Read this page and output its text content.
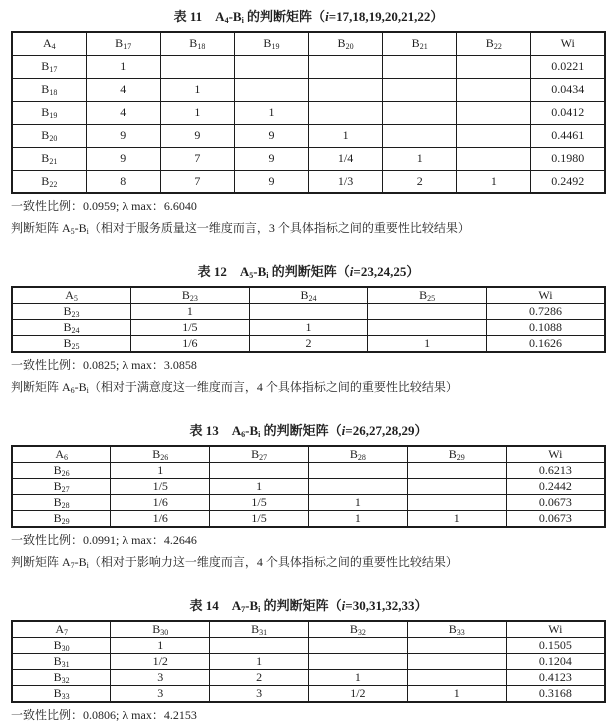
表 11 $A_4-B_i$ 的判断矩阵（i=17,18,19,20,21,22）
$A_4$	$B_{17}$	$B_{18}$	$B_{19}$	$B_{20}$	$B_{21}$	$B_{22}$	Wi
$B_{17}$	1						0.0221
$B_{18}$	4	1					0.0434
$B_{19}$	4	1	1				0.0412
$B_{20}$	9	9	9	1			0.4461
$B_{21}$	9	7	9	1/4	1		0.1980
$B_{22}$	8	7	9	1/3	2	1	0.2492

一致性比例：0.0959; λ max：6.6040

判断矩阵 $A_5-B_i$（相对于服务质量这一维度而言，3 个具体指标之间的重要性比较结果）

表 12 $A_5-B_i$ 的判断矩阵（i=23,24,25）
$A_5$	$B_{23}$	$B_{24}$	$B_{25}$	Wi
$B_{23}$	1			0.7286
$B_{24}$	1/5	1		0.1088
$B_{25}$	1/6	2	1	0.1626

一致性比例：0.0825; λ max：3.0858

判断矩阵 $A_6-B_i$（相对于满意度这一维度而言，4 个具体指标之间的重要性比较结果）

表 13 $A_6-B_i$ 的判断矩阵（i=26,27,28,29）
$A_6$	$B_{26}$	$B_{27}$	$B_{28}$	$B_{29}$	Wi
$B_{26}$	1				0.6213
$B_{27}$	1/5	1			0.2442
$B_{28}$	1/6	1/5	1		0.0673
$B_{29}$	1/6	1/5	1	1	0.0673

一致性比例：0.0991; λ max：4.2646

判断矩阵 $A_7-B_i$（相对于影响力这一维度而言，4 个具体指标之间的重要性比较结果）

表 14 $A_7-B_i$ 的判断矩阵（i=30,31,32,33）
$A_7$	$B_{30}$	$B_{31}$	$B_{32}$	$B_{33}$	Wi
$B_{30}$	1				0.1505
$B_{31}$	1/2	1			0.1204
$B_{32}$	3	2	1		0.4123
$B_{33}$	3	3	1/2	1	0.3168

一致性比例：0.0806; λ max：4.2153
